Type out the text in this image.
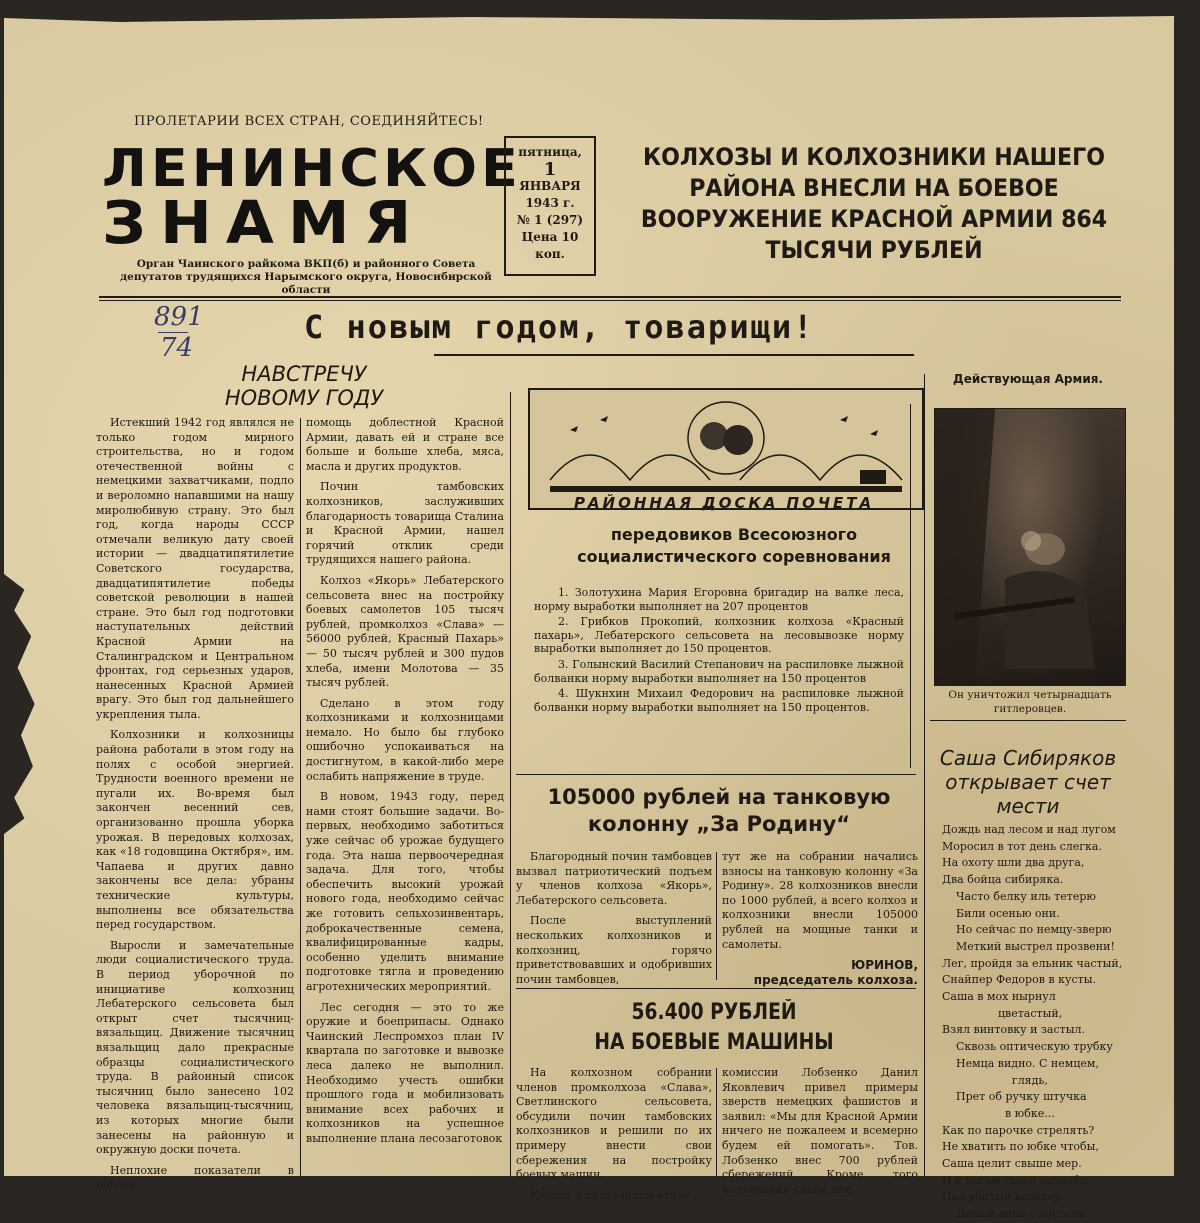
ПРОЛЕТАРИИ ВСЕХ СТРАН, СОЕДИНЯЙТЕСЬ!
ЛЕНИНСКОЕ
ЗНАМЯ
Орган Чаинского райкома ВКП(б) и районного Совета депутатов трудящихся Нарымского округа, Новосибирской области
пятница,
1
ЯНВАРЯ
1943 г.
№ 1 (297)
Цена 10 коп.
КОЛХОЗЫ И КОЛХОЗНИКИ НАШЕГО РАЙОНА ВНЕСЛИ НА БОЕВОЕ ВООРУЖЕНИЕ КРАСНОЙ АРМИИ 864 ТЫСЯЧИ РУБЛЕЙ
891
74
С новым годом, товарищи!
НАВСТРЕЧУ
НОВОМУ ГОДУ

Истекший 1942 год являлся не только годом мирного строительства, но и годом отечественной войны с немецкими захватчиками, подло и вероломно напавшими на нашу миролюбивую страну. Это был год, когда народы СССР отмечали великую дату своей истории — двадцатипятилетие Советского государства, двадцатипятилетие победы советской революции в нашей стране. Это был год подготовки наступательных действий Красной Армии на Сталинградском и Центральном фронтах, год серьезных ударов, нанесенных Красной Армией врагу. Это был год дальнейшего укрепления тыла.

Колхозники и колхозницы района работали в этом году на полях с особой энергией. Трудности военного времени не пугали их. Во-время был закончен весенний сев, организованно прошла уборка урожая. В передовых колхозах, как «18 годовщина Октября», им. Чапаева и других давно закончены все дела: убраны технические культуры, выполнены все обязательства перед государством.

Выросли и замечательные люди социалистического труда. В период уборочной по инициативе колхозниц Лебатерского сельсовета был открыт счет тысячниц-вязальщиц. Движение тысячниц вязальщиц дало прекрасные образцы социалистического труда. В районный список тысячниц было занесено 102 человека вязальщиц-тысячниц, из которых многие были занесены на районную и окружную доски почета.

Неплохие показатели в работе...

помощь доблестной Красной Армии, давать ей и стране все больше и больше хлеба, мяса, масла и других продуктов.

Почин тамбовских колхозников, заслуживших благодарность товарища Сталина и Красной Армии, нашел горячий отклик среди трудящихся нашего района.

Колхоз «Якорь» Лебатерского сельсовета внес на постройку боевых самолетов 105 тысяч рублей, промколхоз «Слава» — 56000 рублей, Красный Пахарь» — 50 тысяч рублей и 300 пудов хлеба, имени Молотова — 35 тысяч рублей.

Сделано в этом году колхозниками и колхозницами немало. Но было бы глубоко ошибочно успокаиваться на достигнутом, в какой-либо мере ослабить напряжение в труде.

В новом, 1943 году, перед нами стоят большие задачи. Во-первых, необходимо заботиться уже сейчас об урожае будущего года. Эта наша первоочередная задача. Для того, чтобы обеспечить высокий урожай нового года, необходимо сейчас же готовить сельхозинвентарь, доброкачественные семена, квалифицированные кадры, особенно уделить внимание подготовке тягла и проведению агротехнических мероприятий.

Лес сегодня — это то же оружие и боеприпасы. Однако Чаинский Леспромхоз план IV квартала по заготовке и вывозке леса далеко не выполнил. Необходимо учесть ошибки прошлого года и мобилизовать внимание всех рабочих и колхозников на успешное выполнение плана лесозаготовок

РАЙОННАЯ ДОСКА ПОЧЕТА
передовиков Всесоюзного социалистического соревнования

1. Золотухина Мария Егоровна бригадир на валке леса, норму выработки выполняет на 207 процентов

2. Грибков Прокопий, колхозник колхоза «Красный пахарь», Лебатерского сельсовета на лесовывозке норму выработки выполняет до 150 процентов.

3. Голынский Василий Степанович на распиловке лыжной болванки норму выработки выполняет на 150 процентов

4. Шукнхин Михаил Федорович на распиловке лыжной болванки норму выработки выполняет на 150 процентов.

105000 рублей на танковую
колонну „За Родину“

Благородный почин тамбовцев вызвал патриотический подъем у членов колхоза «Якорь», Лебатерского сельсовета.

После выступлений нескольких колхозников и колхозниц, горячо приветствовавших и одобривших почин тамбовцев,

тут же на собрании начались взносы на танковую колонну «За Родину». 28 колхозников внесли по 1000 рублей, а всего колхоз и колхозники внесли 105000 рублей на мощные танки и самолеты.

ЮРИНОВ,
председатель колхоза.
56.400 РУБЛЕЙ
НА БОЕВЫЕ МАШИНЫ

На колхозном собрании членов промколхоза «Слава», Светлинского сельсовета, обсудили почин тамбовских колхозников и решили по их примеру внести свои сбережения на постройку боевых машин.

Колхоз и колхозники отчис...

комиссии Лобзенко Данил Яковлевич привел примеры зверств немецких фашистов и заявил: «Мы для Красной Армии ничего не пожалеем и всемерно будем ей помогать». Тов. Лобзенко внес 700 рублей сбережений. Кроме того колхозники сдали для...

Действующая Армия.
Снайпер-разведчик В. Ф. Неплий. Он уничтожил четырнадцать гитлеровцев.
Саша Сибиряков
открывает счет
мести
Дождь над лесом и над лугом
Моросил в тот день слегка.
На охоту шли два друга,
Два бойца сибиряка.
Часто белку иль тетерю
Били осенью они.
Но сейчас по немцу-зверю
Меткий выстрел прозвени!
Лег, пройдя за ельник частый,
Снайпер Федоров в кусты.
Саша в мох нырнул
цветастый,
Взял винтовку и застыл.
Сквозь оптическую трубку
Немца видно. С немцем,
глядь,
Прет об ручку штучка
в юбке...
Как по парочке стрелять?
Не хватить по юбке чтобы,
Саша целит свыше мер.
И к ногам своей зазнобы
Пал убитый кавалер.
Целый день с постели
